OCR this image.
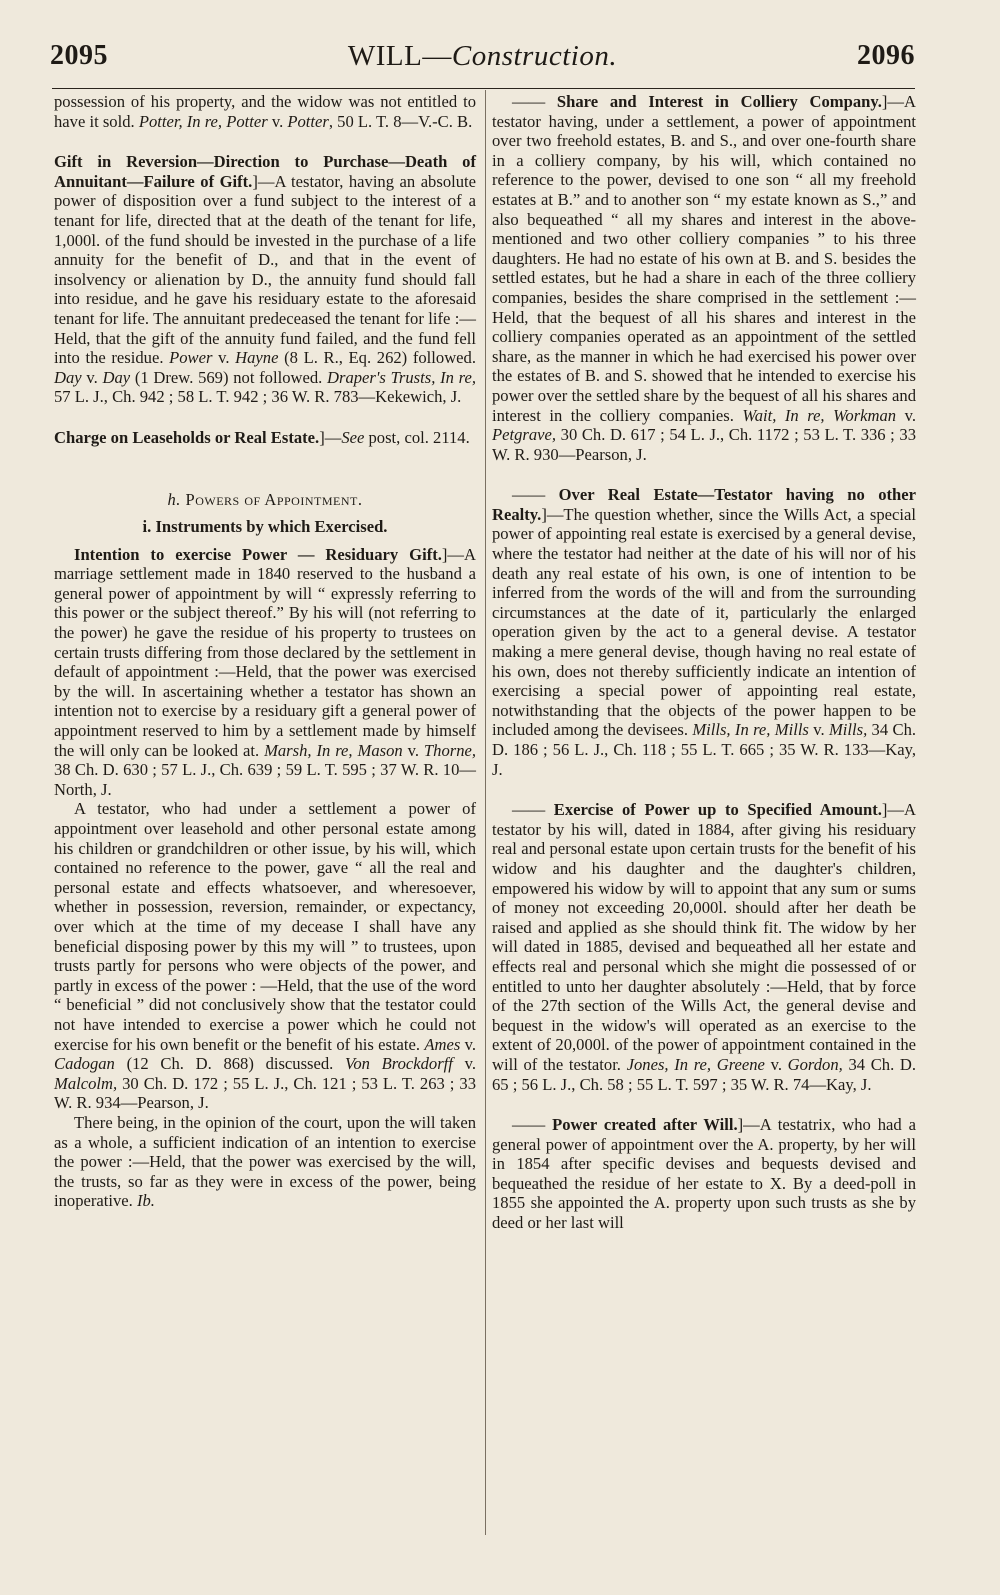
2095	WILL—Construction.	2096

possession of his property, and the widow was not entitled to have it sold. Potter, In re, Potter v. Potter, 50 L. T. 8—V.-C. B.

Gift in Reversion—Direction to Purchase—Death of Annuitant—Failure of Gift.]—A testator, having an absolute power of disposition over a fund subject to the interest of a tenant for life, directed that at the death of the tenant for life, 1,000l. of the fund should be invested in the purchase of a life annuity for the benefit of D., and that in the event of insolvency or alienation by D., the annuity fund should fall into residue, and he gave his residuary estate to the aforesaid tenant for life. The annuitant predeceased the tenant for life :—Held, that the gift of the annuity fund failed, and the fund fell into the residue. Power v. Hayne (8 L. R., Eq. 262) followed. Day v. Day (1 Drew. 569) not followed. Draper's Trusts, In re, 57 L. J., Ch. 942 ; 58 L. T. 942 ; 36 W. R. 783—Kekewich, J.

Charge on Leaseholds or Real Estate.]—See post, col. 2114.

h. Powers of Appointment.

i. Instruments by which Exercised.

Intention to exercise Power — Residuary Gift.]—A marriage settlement made in 1840 reserved to the husband a general power of appointment by will “ expressly referring to this power or the subject thereof.” By his will (not referring to the power) he gave the residue of his property to trustees on certain trusts differing from those declared by the settlement in default of appointment :—Held, that the power was exercised by the will. In ascertaining whether a testator has shown an intention not to exercise by a residuary gift a general power of appointment reserved to him by a settlement made by himself the will only can be looked at. Marsh, In re, Mason v. Thorne, 38 Ch. D. 630 ; 57 L. J., Ch. 639 ; 59 L. T. 595 ; 37 W. R. 10—North, J.

A testator, who had under a settlement a power of appointment over leasehold and other personal estate among his children or grandchildren or other issue, by his will, which contained no reference to the power, gave “ all the real and personal estate and effects whatsoever, and wheresoever, whether in possession, reversion, remainder, or expectancy, over which at the time of my decease I shall have any beneficial disposing power by this my will ” to trustees, upon trusts partly for persons who were objects of the power, and partly in excess of the power : —Held, that the use of the word “ beneficial ” did not conclusively show that the testator could not have intended to exercise a power which he could not exercise for his own benefit or the benefit of his estate. Ames v. Cadogan (12 Ch. D. 868) discussed. Von Brockdorff v. Malcolm, 30 Ch. D. 172 ; 55 L. J., Ch. 121 ; 53 L. T. 263 ; 33 W. R. 934—Pearson, J.

There being, in the opinion of the court, upon the will taken as a whole, a sufficient indication of an intention to exercise the power :—Held, that the power was exercised by the will, the trusts, so far as they were in excess of the power, being inoperative. Ib.

—— Share and Interest in Colliery Company.]—A testator having, under a settlement, a power of appointment over two freehold estates, B. and S., and over one-fourth share in a colliery company, by his will, which contained no reference to the power, devised to one son “ all my freehold estates at B.” and to another son “ my estate known as S.,” and also bequeathed “ all my shares and interest in the above-mentioned and two other colliery companies ” to his three daughters. He had no estate of his own at B. and S. besides the settled estates, but he had a share in each of the three colliery companies, besides the share comprised in the settlement :—Held, that the bequest of all his shares and interest in the colliery companies operated as an appointment of the settled share, as the manner in which he had exercised his power over the estates of B. and S. showed that he intended to exercise his power over the settled share by the bequest of all his shares and interest in the colliery companies. Wait, In re, Workman v. Petgrave, 30 Ch. D. 617 ; 54 L. J., Ch. 1172 ; 53 L. T. 336 ; 33 W. R. 930—Pearson, J.

—— Over Real Estate—Testator having no other Realty.]—The question whether, since the Wills Act, a special power of appointing real estate is exercised by a general devise, where the testator had neither at the date of his will nor of his death any real estate of his own, is one of intention to be inferred from the words of the will and from the surrounding circumstances at the date of it, particularly the enlarged operation given by the act to a general devise. A testator making a mere general devise, though having no real estate of his own, does not thereby sufficiently indicate an intention of exercising a special power of appointing real estate, notwithstanding that the objects of the power happen to be included among the devisees. Mills, In re, Mills v. Mills, 34 Ch. D. 186 ; 56 L. J., Ch. 118 ; 55 L. T. 665 ; 35 W. R. 133—Kay, J.

—— Exercise of Power up to Specified Amount.]—A testator by his will, dated in 1884, after giving his residuary real and personal estate upon certain trusts for the benefit of his widow and his daughter and the daughter's children, empowered his widow by will to appoint that any sum or sums of money not exceeding 20,000l. should after her death be raised and applied as she should think fit. The widow by her will dated in 1885, devised and bequeathed all her estate and effects real and personal which she might die possessed of or entitled to unto her daughter absolutely :—Held, that by force of the 27th section of the Wills Act, the general devise and bequest in the widow's will operated as an exercise to the extent of 20,000l. of the power of appointment contained in the will of the testator. Jones, In re, Greene v. Gordon, 34 Ch. D. 65 ; 56 L. J., Ch. 58 ; 55 L. T. 597 ; 35 W. R. 74—Kay, J.

—— Power created after Will.]—A testatrix, who had a general power of appointment over the A. property, by her will in 1854 after specific devises and bequests devised and bequeathed the residue of her estate to X. By a deed-poll in 1855 she appointed the A. property upon such trusts as she by deed or her last will
